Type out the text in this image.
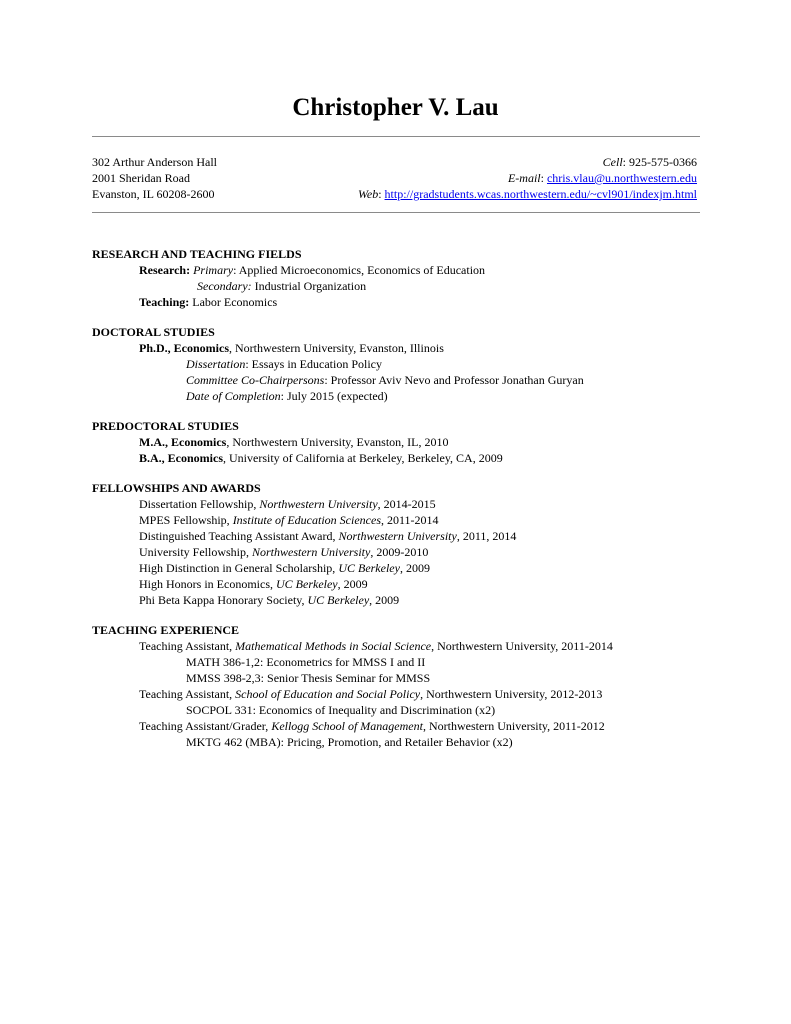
Christopher V. Lau
302 Arthur Anderson Hall
2001 Sheridan Road
Evanston, IL 60208-2600
Cell: 925-575-0366
E-mail: chris.vlau@u.northwestern.edu
Web: http://gradstudents.wcas.northwestern.edu/~cvl901/indexjm.html
RESEARCH AND TEACHING FIELDS
Research: Primary: Applied Microeconomics, Economics of Education
Secondary: Industrial Organization
Teaching: Labor Economics
DOCTORAL STUDIES
Ph.D., Economics, Northwestern University, Evanston, Illinois
Dissertation: Essays in Education Policy
Committee Co-Chairpersons: Professor Aviv Nevo and Professor Jonathan Guryan
Date of Completion: July 2015 (expected)
PREDOCTORAL STUDIES
M.A., Economics, Northwestern University, Evanston, IL, 2010
B.A., Economics, University of California at Berkeley, Berkeley, CA, 2009
FELLOWSHIPS AND AWARDS
Dissertation Fellowship, Northwestern University, 2014-2015
MPES Fellowship, Institute of Education Sciences, 2011-2014
Distinguished Teaching Assistant Award, Northwestern University, 2011, 2014
University Fellowship, Northwestern University, 2009-2010
High Distinction in General Scholarship, UC Berkeley, 2009
High Honors in Economics, UC Berkeley, 2009
Phi Beta Kappa Honorary Society, UC Berkeley, 2009
TEACHING EXPERIENCE
Teaching Assistant, Mathematical Methods in Social Science, Northwestern University, 2011-2014
MATH 386-1,2: Econometrics for MMSS I and II
MMSS 398-2,3: Senior Thesis Seminar for MMSS
Teaching Assistant, School of Education and Social Policy, Northwestern University, 2012-2013
SOCPOL 331: Economics of Inequality and Discrimination (x2)
Teaching Assistant/Grader, Kellogg School of Management, Northwestern University, 2011-2012
MKTG 462 (MBA): Pricing, Promotion, and Retailer Behavior (x2)
